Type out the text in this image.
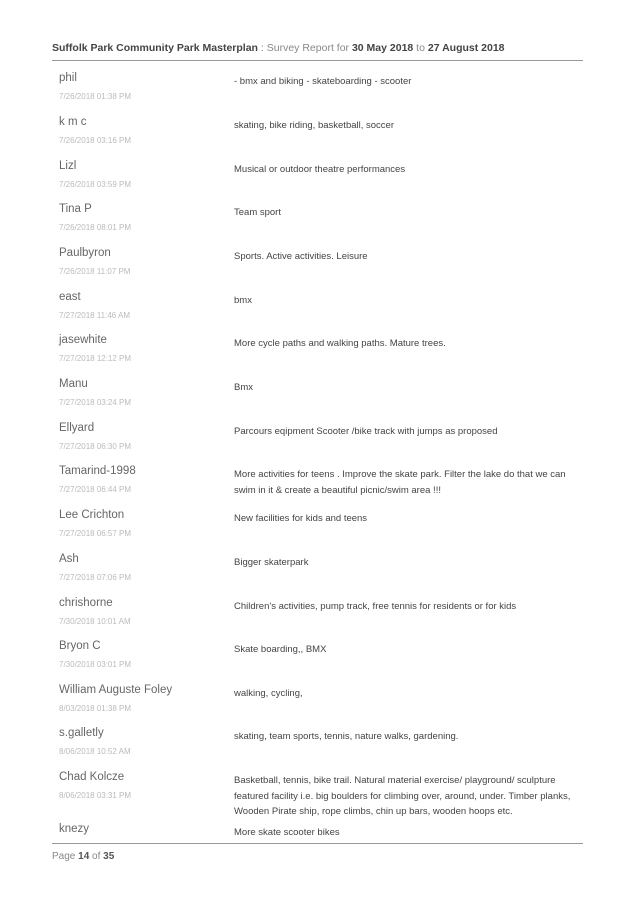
Suffolk Park Community Park Masterplan : Survey Report for 30 May 2018 to 27 August 2018
phil
7/26/2018 01:38 PM
- bmx and biking - skateboarding - scooter
k m c
7/26/2018 03:16 PM
skating, bike riding, basketball, soccer
Lizl
7/26/2018 03:59 PM
Musical or outdoor theatre performances
Tina P
7/26/2018 08:01 PM
Team sport
Paulbyron
7/26/2018 11:07 PM
Sports. Active activities. Leisure
east
7/27/2018 11:46 AM
bmx
jasewhite
7/27/2018 12:12 PM
More cycle paths and walking paths. Mature trees.
Manu
7/27/2018 03:24 PM
Bmx
Ellyard
7/27/2018 06:30 PM
Parcours eqipment Scooter /bike track with jumps as proposed
Tamarind-1998
7/27/2018 06:44 PM
More activities for teens . Improve the skate park. Filter the lake do that we can swim in it & create a beautiful picnic/swim area !!!
Lee Crichton
7/27/2018 06:57 PM
New facilities for kids and teens
Ash
7/27/2018 07:06 PM
Bigger skaterpark
chrishorne
7/30/2018 10:01 AM
Children's activities, pump track, free tennis for residents or for kids
Bryon C
7/30/2018 03:01 PM
Skate boarding,, BMX
William Auguste Foley
8/03/2018 01:38 PM
walking, cycling,
s.galletly
8/06/2018 10:52 AM
skating, team sports, tennis, nature walks, gardening.
Chad Kolcze
8/06/2018 03:31 PM
Basketball, tennis, bike trail. Natural material exercise/ playground/ sculpture featured facility i.e. big boulders for climbing over, around, under. Timber planks, Wooden Pirate ship, rope climbs, chin up bars, wooden hoops etc.
knezy	More skate scooter bikes
Page 14 of 35
